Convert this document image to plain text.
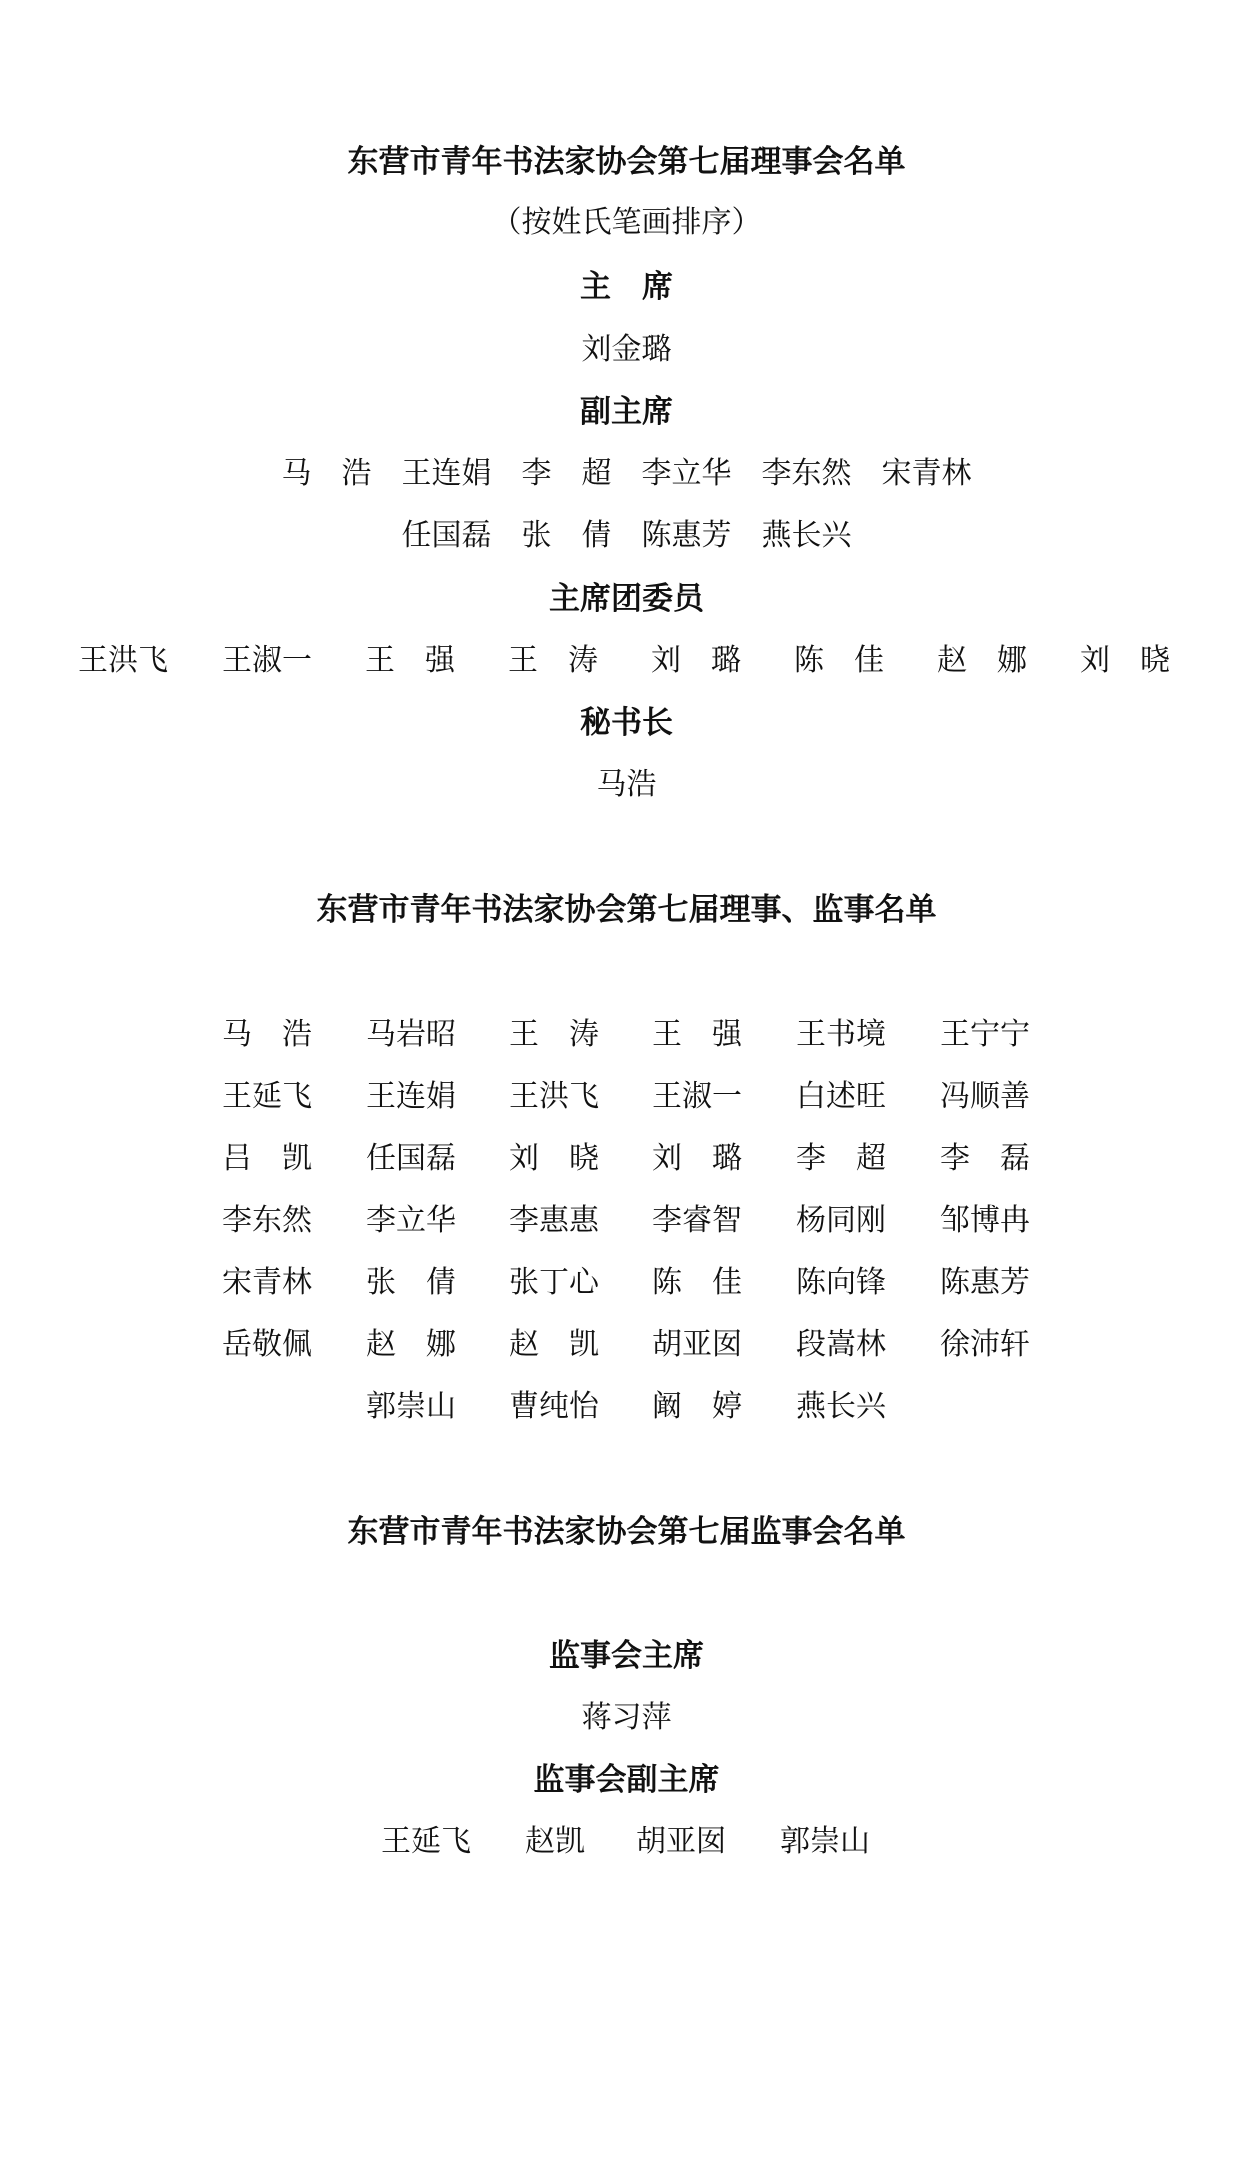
东营市青年书法家协会第七届理事会名单
（按姓氏笔画排序）
主　席
刘金璐
副主席
马　浩　王连娟　李　超　李立华　李东然　宋青林
任国磊　张　倩　陈惠芳　燕长兴
主席团委员
王洪飞 王淑一 王　强 王　涛 刘　璐 陈　佳 赵　娜 刘　晓
秘书长
马浩
东营市青年书法家协会第七届理事、监事名单
马　浩 马岩昭 王　涛 王　强 王书境 王宁宁
王延飞 王连娟 王洪飞 王淑一 白述旺 冯顺善
吕　凯 任国磊 刘　晓 刘　璐 李　超 李　磊
李东然 李立华 李惠惠 李睿智 杨同刚 邹博冉
宋青林 张　倩 张丁心 陈　佳 陈向锋 陈惠芳
岳敬佩 赵　娜 赵　凯 胡亚囡 段嵩林 徐沛轩
郭崇山 曹纯怡 阚　婷 燕长兴
东营市青年书法家协会第七届监事会名单
监事会主席
蒋习萍
监事会副主席
王延飞 赵凯 胡亚囡 郭崇山
